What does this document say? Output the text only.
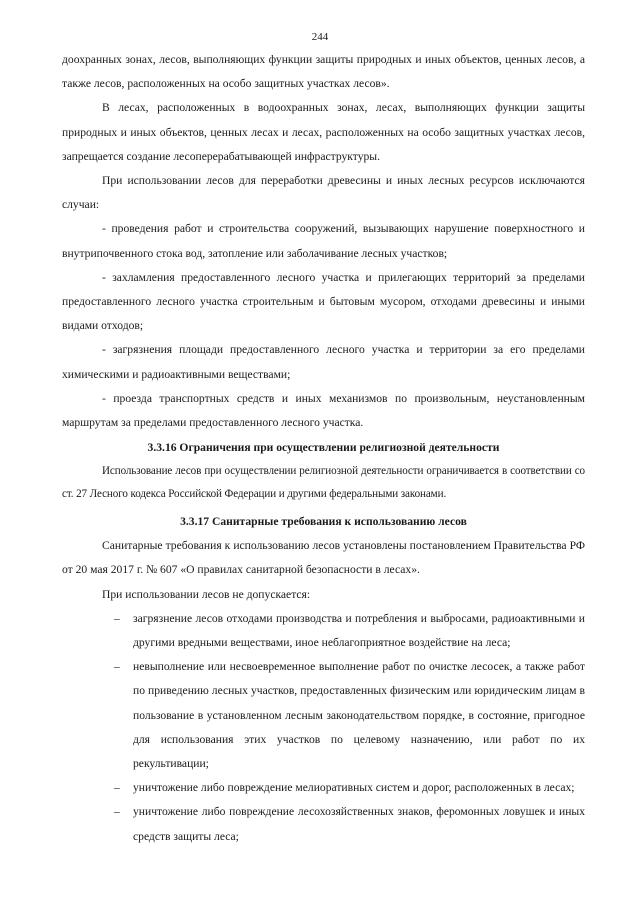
244

доохранных зонах, лесов, выполняющих функции защиты природных и иных объектов, ценных лесов, а также лесов, расположенных на особо защитных участках лесов».

В лесах, расположенных в водоохранных зонах, лесах, выполняющих функции защиты природных и иных объектов, ценных лесах и лесах, расположенных на особо защитных участках лесов, запрещается создание лесоперерабатывающей инфраструктуры.

При использовании лесов для переработки древесины и иных лесных ресурсов исключаются случаи:

- проведения работ и строительства сооружений, вызывающих нарушение поверхностного и внутрипочвенного стока вод, затопление или заболачивание лесных участков;

- захламления предоставленного лесного участка и прилегающих территорий за пределами предоставленного лесного участка строительным и бытовым мусором, отходами древесины и иными видами отходов;

- загрязнения площади предоставленного лесного участка и территории за его пределами химическими и радиоактивными веществами;

- проезда транспортных средств и иных механизмов по произвольным, неустановленным маршрутам за пределами предоставленного лесного участка.

3.3.16 Ограничения при осуществлении религиозной деятельности

Использование лесов при осуществлении религиозной деятельности ограничивается в соответствии со ст. 27 Лесного кодекса Российской Федерации и другими федеральными законами.

3.3.17 Санитарные требования к использованию лесов

Санитарные требования к использованию лесов установлены постановлением Правительства РФ от 20 мая 2017 г. № 607 «О правилах санитарной безопасности в лесах».

При использовании лесов не допускается:

– загрязнение лесов отходами производства и потребления и выбросами, радиоактивными и другими вредными веществами, иное неблагоприятное воздействие на леса;
– невыполнение или несвоевременное выполнение работ по очистке лесосек, а также работ по приведению лесных участков, предоставленных физическим или юридическим лицам в пользование в установленном лесным законодательством порядке, в состояние, пригодное для использования этих участков по целевому назначению, или работ по их рекультивации;
– уничтожение либо повреждение мелиоративных систем и дорог, расположенных в лесах;
– уничтожение либо повреждение лесохозяйственных знаков, феромонных ловушек и иных средств защиты леса;
